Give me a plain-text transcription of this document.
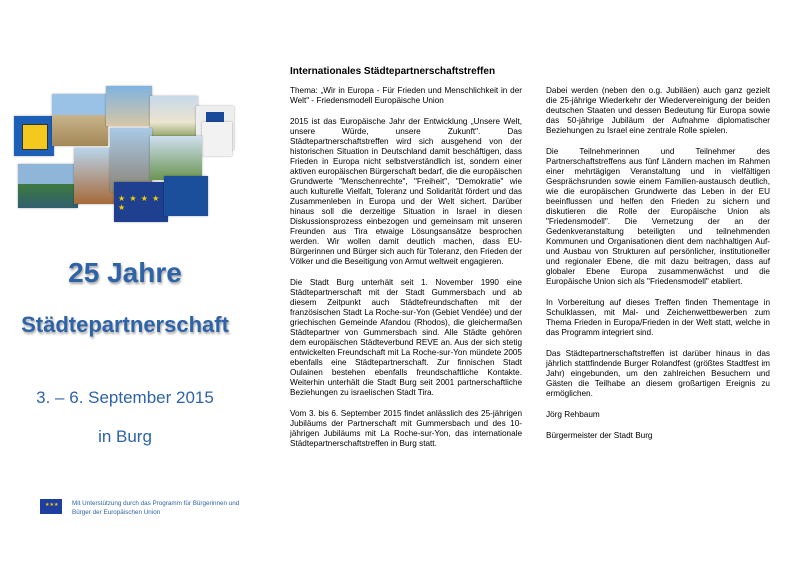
★ ★ ★ ★ ★
25 Jahre
Städtepartnerschaft
3. – 6. September 2015
in Burg
★★★ Mit Unterstützung durch das Programm für Bürgerinnen und Bürger der Europäischen Union
Internationales Städtepartnerschaftstreffen

Thema: „Wir in Europa - Für Frieden und Menschlichkeit in der Welt" - Friedensmodell Europäische Union

2015 ist das Europäische Jahr der Entwicklung „Unsere Welt, unsere Würde, unsere Zukunft". Das Städtepartnerschaftstreffen wird sich ausgehend von der historischen Situation in Deutschland damit beschäftigen, dass Frieden in Europa nicht selbstverständlich ist, sondern einer aktiven europäischen Bürgerschaft bedarf, die die europäischen Grundwerte "Menschenrechte", "Freiheit", "Demokratie" wie auch kulturelle Vielfalt, Toleranz und Solidarität fördert und das Zusammenleben in Europa und der Welt sichert. Darüber hinaus soll die derzeitige Situation in Israel in diesen Diskussionsprozess einbezogen und gemeinsam mit unseren Freunden aus Tira etwaige Lösungsansätze besprochen werden. Wir wollen damit deutlich machen, dass EU-Bürgerinnen und Bürger sich auch für Toleranz, den Frieden der Völker und die Beseitigung von Armut weltweit engagieren.

Die Stadt Burg unterhält seit 1. November 1990 eine Städtepartnerschaft mit der Stadt Gummersbach und ab diesem Zeitpunkt auch Städtefreundschaften mit der französischen Stadt La Roche-sur-Yon (Gebiet Vendée) und der griechischen Gemeinde Afandou (Rhodos), die gleichermaßen Städtepartner von Gummersbach sind. Alle Städte gehören dem europäischen Städteverbund REVE an. Aus der sich stetig entwickelten Freundschaft mit La Roche-sur-Yon mündete 2005 ebenfalls eine Städtepartnerschaft. Zur finnischen Stadt Oulainen bestehen ebenfalls freundschaftliche Kontakte. Weiterhin unterhält die Stadt Burg seit 2001 partnerschaftliche Beziehungen zu israelischen Stadt Tira.

Vom 3. bis 6. September 2015 findet anlässlich des 25-jährigen Jubiläums der Partnerschaft mit Gummersbach und des 10-jährigen Jubiläums mit La Roche-sur-Yon, das internationale Städtepartnerschaftstreffen in Burg statt.

Dabei werden (neben den o.g. Jubiläen) auch ganz gezielt die 25-jährige Wiederkehr der Wiedervereinigung der beiden deutschen Staaten und dessen Bedeutung für Europa sowie das 50-jährige Jubiläum der Aufnahme diplomatischer Beziehungen zu Israel eine zentrale Rolle spielen.

Die Teilnehmerinnen und Teilnehmer des Partnerschaftstreffens aus fünf Ländern machen im Rahmen einer mehrtägigen Veranstaltung und in vielfältigen Gesprächsrunden sowie einem Familien-austausch deutlich, wie die europäischen Grundwerte das Leben in der EU beeinflussen und helfen den Frieden zu sichern und diskutieren die Rolle der Europäische Union als "Friedensmodell". Die Vernetzung der an der Gedenkveranstaltung beteiligten und teilnehmenden Kommunen und Organisationen dient dem nachhaltigen Auf- und Ausbau von Strukturen auf persönlicher, institutioneller und regionaler Ebene, die mit dazu beitragen, dass auf globaler Ebene Europa zusammenwächst und die Europäische Union sich als "Friedensmodell" etabliert.

In Vorbereitung auf dieses Treffen finden Thementage in Schulklassen, mit Mal- und Zeichenwettbewerben zum Thema Frieden in Europa/Frieden in der Welt statt, welche in das Programm integriert sind.

Das Städtepartnerschaftstreffen ist darüber hinaus in das jährlich stattfindende Burger Rolandfest (größtes Stadtfest im Jahr) eingebunden, um den zahlreichen Besuchern und Gästen die Teilhabe an diesem großartigen Ereignis zu ermöglichen.

Jörg Rehbaum

Bürgermeister der Stadt Burg
